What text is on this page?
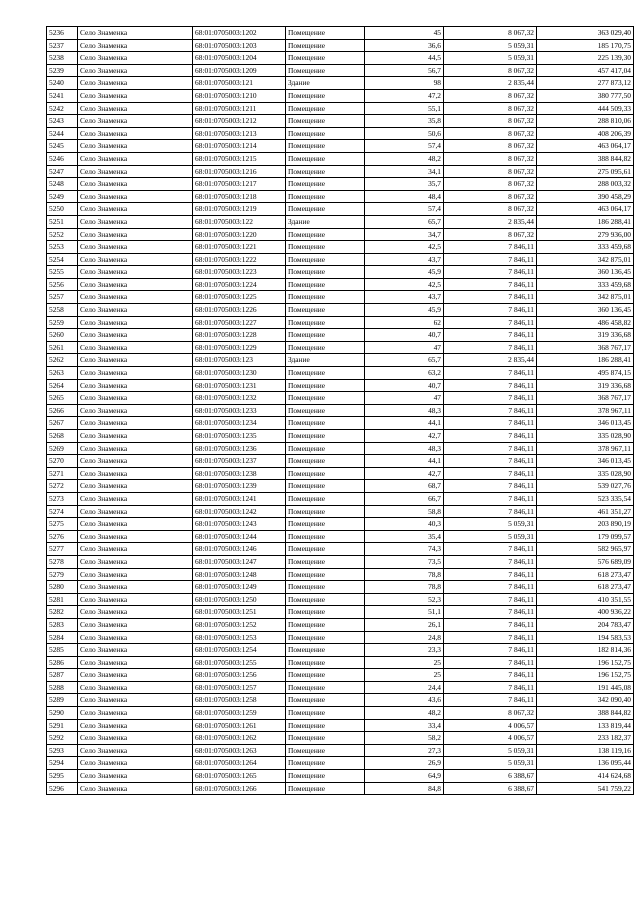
5236	Село Знаменка	68:01:0705003:1202	Помещение	45	8 067,32	363 029,40
5237	Село Знаменка	68:01:0705003:1203	Помещение	36,6	5 059,31	185 170,75
5238	Село Знаменка	68:01:0705003:1204	Помещение	44,5	5 059,31	225 139,30
5239	Село Знаменка	68:01:0705003:1209	Помещение	56,7	8 067,32	457 417,04
5240	Село Знаменка	68:01:0705003:121	Здание	98	2 835,44	277 873,12
5241	Село Знаменка	68:01:0705003:1210	Помещение	47,2	8 067,32	380 777,50
5242	Село Знаменка	68:01:0705003:1211	Помещение	55,1	8 067,32	444 509,33
5243	Село Знаменка	68:01:0705003:1212	Помещение	35,8	8 067,32	288 810,06
5244	Село Знаменка	68:01:0705003:1213	Помещение	50,6	8 067,32	408 206,39
5245	Село Знаменка	68:01:0705003:1214	Помещение	57,4	8 067,32	463 064,17
5246	Село Знаменка	68:01:0705003:1215	Помещение	48,2	8 067,32	388 844,82
5247	Село Знаменка	68:01:0705003:1216	Помещение	34,1	8 067,32	275 095,61
5248	Село Знаменка	68:01:0705003:1217	Помещение	35,7	8 067,32	288 003,32
5249	Село Знаменка	68:01:0705003:1218	Помещение	48,4	8 067,32	390 458,29
5250	Село Знаменка	68:01:0705003:1219	Помещение	57,4	8 067,32	463 064,17
5251	Село Знаменка	68:01:0705003:122	Здание	65,7	2 835,44	186 288,41
5252	Село Знаменка	68:01:0705003:1220	Помещение	34,7	8 067,32	279 936,00
5253	Село Знаменка	68:01:0705003:1221	Помещение	42,5	7 846,11	333 459,68
5254	Село Знаменка	68:01:0705003:1222	Помещение	43,7	7 846,11	342 875,01
5255	Село Знаменка	68:01:0705003:1223	Помещение	45,9	7 846,11	360 136,45
5256	Село Знаменка	68:01:0705003:1224	Помещение	42,5	7 846,11	333 459,68
5257	Село Знаменка	68:01:0705003:1225	Помещение	43,7	7 846,11	342 875,01
5258	Село Знаменка	68:01:0705003:1226	Помещение	45,9	7 846,11	360 136,45
5259	Село Знаменка	68:01:0705003:1227	Помещение	62	7 846,11	486 458,82
5260	Село Знаменка	68:01:0705003:1228	Помещение	40,7	7 846,11	319 336,68
5261	Село Знаменка	68:01:0705003:1229	Помещение	47	7 846,11	368 767,17
5262	Село Знаменка	68:01:0705003:123	Здание	65,7	2 835,44	186 288,41
5263	Село Знаменка	68:01:0705003:1230	Помещение	63,2	7 846,11	495 874,15
5264	Село Знаменка	68:01:0705003:1231	Помещение	40,7	7 846,11	319 336,68
5265	Село Знаменка	68:01:0705003:1232	Помещение	47	7 846,11	368 767,17
5266	Село Знаменка	68:01:0705003:1233	Помещение	48,3	7 846,11	378 967,11
5267	Село Знаменка	68:01:0705003:1234	Помещение	44,1	7 846,11	346 013,45
5268	Село Знаменка	68:01:0705003:1235	Помещение	42,7	7 846,11	335 028,90
5269	Село Знаменка	68:01:0705003:1236	Помещение	48,3	7 846,11	378 967,11
5270	Село Знаменка	68:01:0705003:1237	Помещение	44,1	7 846,11	346 013,45
5271	Село Знаменка	68:01:0705003:1238	Помещение	42,7	7 846,11	335 028,90
5272	Село Знаменка	68:01:0705003:1239	Помещение	68,7	7 846,11	539 027,76
5273	Село Знаменка	68:01:0705003:1241	Помещение	66,7	7 846,11	523 335,54
5274	Село Знаменка	68:01:0705003:1242	Помещение	58,8	7 846,11	461 351,27
5275	Село Знаменка	68:01:0705003:1243	Помещение	40,3	5 059,31	203 890,19
5276	Село Знаменка	68:01:0705003:1244	Помещение	35,4	5 059,31	179 099,57
5277	Село Знаменка	68:01:0705003:1246	Помещение	74,3	7 846,11	582 965,97
5278	Село Знаменка	68:01:0705003:1247	Помещение	73,5	7 846,11	576 689,09
5279	Село Знаменка	68:01:0705003:1248	Помещение	78,8	7 846,11	618 273,47
5280	Село Знаменка	68:01:0705003:1249	Помещение	78,8	7 846,11	618 273,47
5281	Село Знаменка	68:01:0705003:1250	Помещение	52,3	7 846,11	410 351,55
5282	Село Знаменка	68:01:0705003:1251	Помещение	51,1	7 846,11	400 936,22
5283	Село Знаменка	68:01:0705003:1252	Помещение	26,1	7 846,11	204 783,47
5284	Село Знаменка	68:01:0705003:1253	Помещение	24,8	7 846,11	194 583,53
5285	Село Знаменка	68:01:0705003:1254	Помещение	23,3	7 846,11	182 814,36
5286	Село Знаменка	68:01:0705003:1255	Помещение	25	7 846,11	196 152,75
5287	Село Знаменка	68:01:0705003:1256	Помещение	25	7 846,11	196 152,75
5288	Село Знаменка	68:01:0705003:1257	Помещение	24,4	7 846,11	191 445,08
5289	Село Знаменка	68:01:0705003:1258	Помещение	43,6	7 846,11	342 090,40
5290	Село Знаменка	68:01:0705003:1259	Помещение	48,2	8 067,32	388 844,82
5291	Село Знаменка	68:01:0705003:1261	Помещение	33,4	4 006,57	133 819,44
5292	Село Знаменка	68:01:0705003:1262	Помещение	58,2	4 006,57	233 182,37
5293	Село Знаменка	68:01:0705003:1263	Помещение	27,3	5 059,31	138 119,16
5294	Село Знаменка	68:01:0705003:1264	Помещение	26,9	5 059,31	136 095,44
5295	Село Знаменка	68:01:0705003:1265	Помещение	64,9	6 388,67	414 624,68
5296	Село Знаменка	68:01:0705003:1266	Помещение	84,8	6 388,67	541 759,22
